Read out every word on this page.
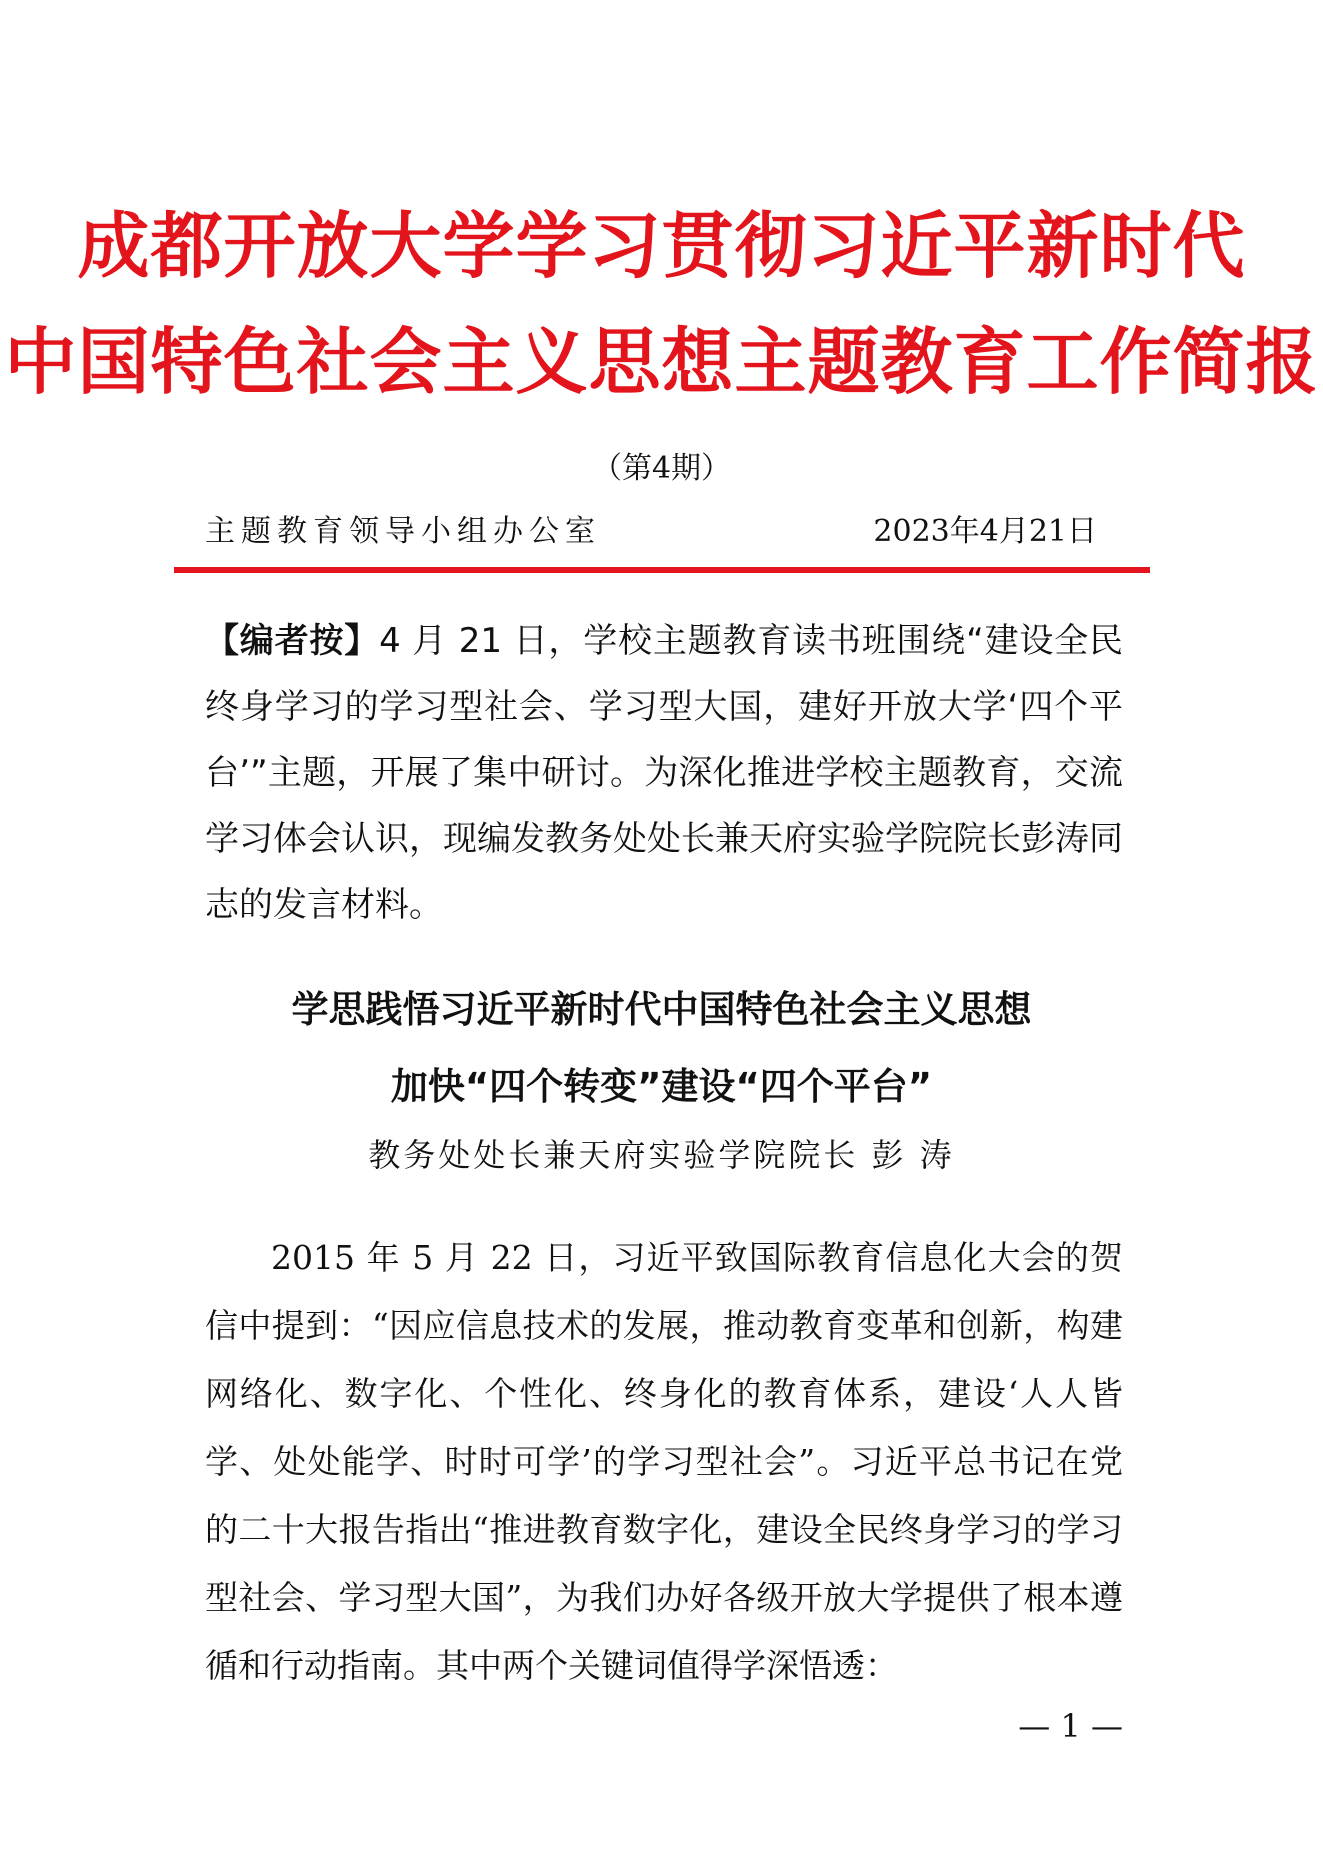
成都开放大学学习贯彻习近平新时代
中国特色社会主义思想主题教育工作简报
（第4期）
主题教育领导小组办公室	2023年4月21日
【编者按】4 月 21 日，学校主题教育读书班围绕“建设全民终身学习的学习型社会、学习型大国，建好开放大学‘四个平台’”主题，开展了集中研讨。为深化推进学校主题教育，交流学习体会认识，现编发教务处处长兼天府实验学院院长彭涛同志的发言材料。
学思践悟习近平新时代中国特色社会主义思想
加快“四个转变”建设“四个平台”
教务处处长兼天府实验学院院长 彭 涛

2015 年 5 月 22 日，习近平致国际教育信息化大会的贺信中提到：“因应信息技术的发展，推动教育变革和创新，构建网络化、数字化、个性化、终身化的教育体系，建设‘人人皆学、处处能学、时时可学’的学习型社会”。习近平总书记在党的二十大报告指出“推进教育数字化，建设全民终身学习的学习型社会、学习型大国”，为我们办好各级开放大学提供了根本遵循和行动指南。其中两个关键词值得学深悟透：

— 1 —
